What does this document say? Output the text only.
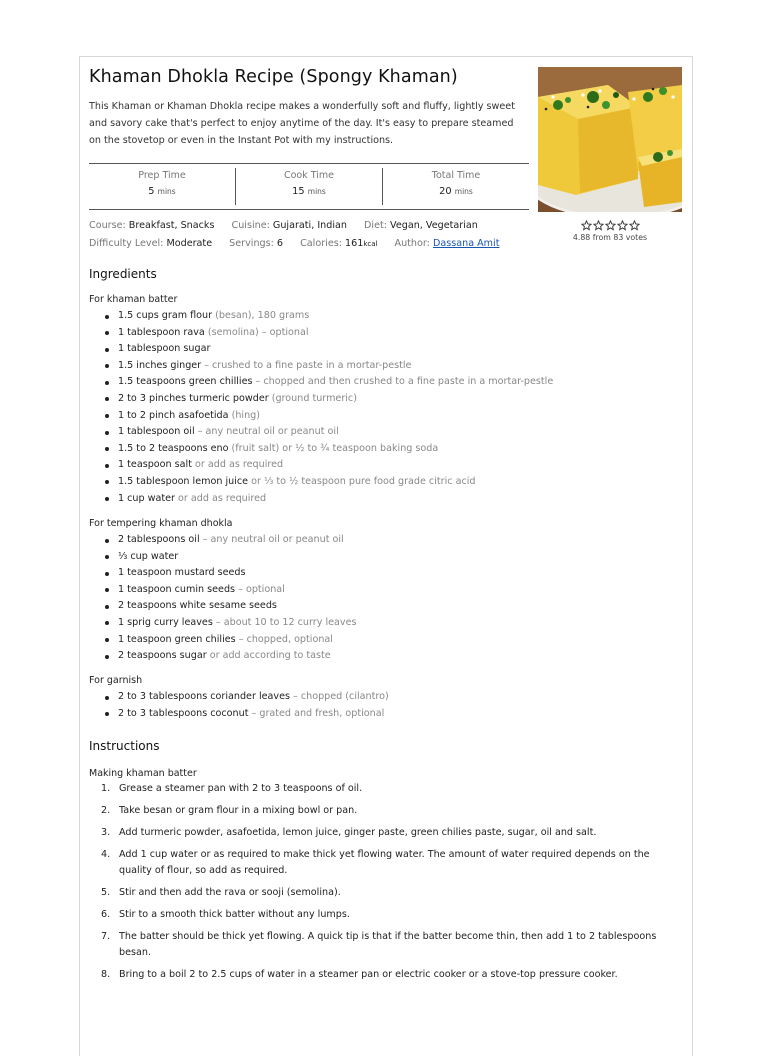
Khaman Dhokla Recipe (Spongy Khaman)

This Khaman or Khaman Dhokla recipe makes a wonderfully soft and fluffy, lightly sweet and savory cake that's perfect to enjoy anytime of the day. It's easy to prepare steamed on the stovetop or even in the Instant Pot with my instructions.

4.88 from 83 votes
Prep Time
5 mins
Cook Time
15 mins
Total Time
20 mins
Course: Breakfast, Snacks Cuisine: Gujarati, Indian Diet: Vegan, Vegetarian
Difficulty Level: Moderate Servings: 6 Calories: 161kcal Author: Dassana Amit
Ingredients
For khaman batter
1.5 cups gram flour (besan), 180 grams
1 tablespoon rava (semolina) – optional
1 tablespoon sugar
1.5 inches ginger – crushed to a fine paste in a mortar-pestle
1.5 teaspoons green chillies – chopped and then crushed to a fine paste in a mortar-pestle
2 to 3 pinches turmeric powder (ground turmeric)
1 to 2 pinch asafoetida (hing)
1 tablespoon oil – any neutral oil or peanut oil
1.5 to 2 teaspoons eno (fruit salt) or ½ to ¾ teaspoon baking soda
1 teaspoon salt or add as required
1.5 tablespoon lemon juice or ⅓ to ½ teaspoon pure food grade citric acid
1 cup water or add as required
For tempering khaman dhokla
2 tablespoons oil – any neutral oil or peanut oil
⅓ cup water
1 teaspoon mustard seeds
1 teaspoon cumin seeds – optional
2 teaspoons white sesame seeds
1 sprig curry leaves – about 10 to 12 curry leaves
1 teaspoon green chilies – chopped, optional
2 teaspoons sugar or add according to taste
For garnish
2 to 3 tablespoons coriander leaves – chopped (cilantro)
2 to 3 tablespoons coconut – grated and fresh, optional
Instructions
Making khaman batter
1. Grease a steamer pan with 2 to 3 teaspoons of oil.
2. Take besan or gram flour in a mixing bowl or pan.
3. Add turmeric powder, asafoetida, lemon juice, ginger paste, green chilies paste, sugar, oil and salt.
4. Add 1 cup water or as required to make thick yet flowing water. The amount of water required depends on the quality of flour, so add as required.
5. Stir and then add the rava or sooji (semolina).
6. Stir to a smooth thick batter without any lumps.
7. The batter should be thick yet flowing. A quick tip is that if the batter become thin, then add 1 to 2 tablespoons besan.
8. Bring to a boil 2 to 2.5 cups of water in a steamer pan or electric cooker or a stove-top pressure cooker.
